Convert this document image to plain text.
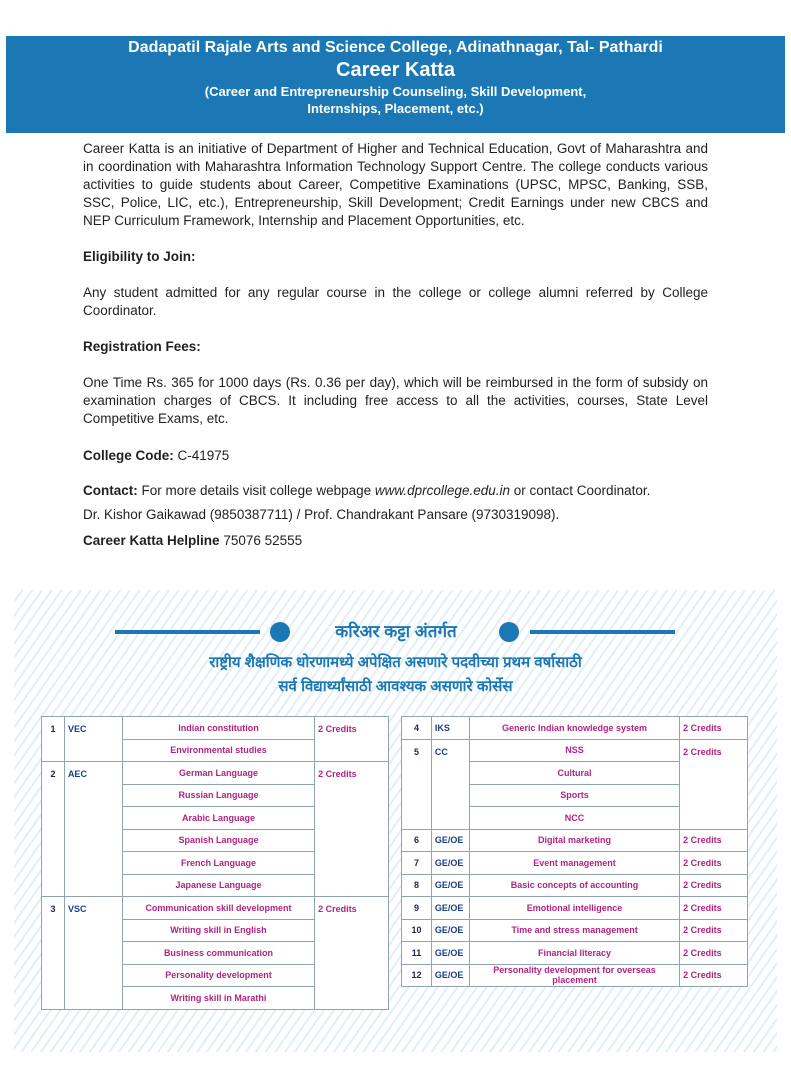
Dadapatil Rajale Arts and Science College, Adinathnagar, Tal- Pathardi
Career Katta
(Career and Entrepreneurship Counseling, Skill Development,
Internships, Placement, etc.)

Career Katta is an initiative of Department of Higher and Technical Education, Govt of Maharashtra and in coordination with Maharashtra Information Technology Support Centre. The college conducts various activities to guide students about Career, Competitive Examinations (UPSC, MPSC, Banking, SSB, SSC, Police, LIC, etc.), Entrepreneurship, Skill Development; Credit Earnings under new CBCS and NEP Curriculum Framework, Internship and Placement Opportunities, etc.

Eligibility to Join:

Any student admitted for any regular course in the college or college alumni referred by College Coordinator.

Registration Fees:

One Time Rs. 365 for 1000 days (Rs. 0.36 per day), which will be reimbursed in the form of subsidy on examination charges of CBCS. It including free access to all the activities, courses, State Level Competitive Exams, etc.

College Code: C-41975

Contact: For more details visit college webpage www.dprcollege.edu.in or contact Coordinator.

Dr. Kishor Gaikawad (9850387711) / Prof. Chandrakant Pansare (9730319098).

Career Katta Helpline 75076 52555

करिअर कट्टा अंतर्गत
राष्ट्रीय शैक्षणिक धोरणामध्ये अपेक्षित असणारे पदवीच्या प्रथम वर्षासाठी
सर्व विद्यार्थ्यांसाठी आवश्यक असणारे कोर्सेस
1	VEC	Indian constitution	2 Credits
		Environmental studies	
2	AEC	German Language	2 Credits
		Russian Language	
		Arabic Language	
		Spanish Language	
		French Language	
		Japanese Language	
3	VSC	Communication skill development	2 Credits
		Writing skill in English	
		Business communication	
		Personality development	
		Writing skill in Marathi	
4	IKS	Generic Indian knowledge system	2 Credits
5	CC	NSS	2 Credits
		Cultural	
		Sports	
		NCC	
6	GE/OE	Digital marketing	2 Credits
7	GE/OE	Event management	2 Credits
8	GE/OE	Basic concepts of accounting	2 Credits
9	GE/OE	Emotional intelligence	2 Credits
10	GE/OE	Time and stress management	2 Credits
11	GE/OE	Financial literacy	2 Credits
12	GE/OE	Personality development for overseas placement	2 Credits
